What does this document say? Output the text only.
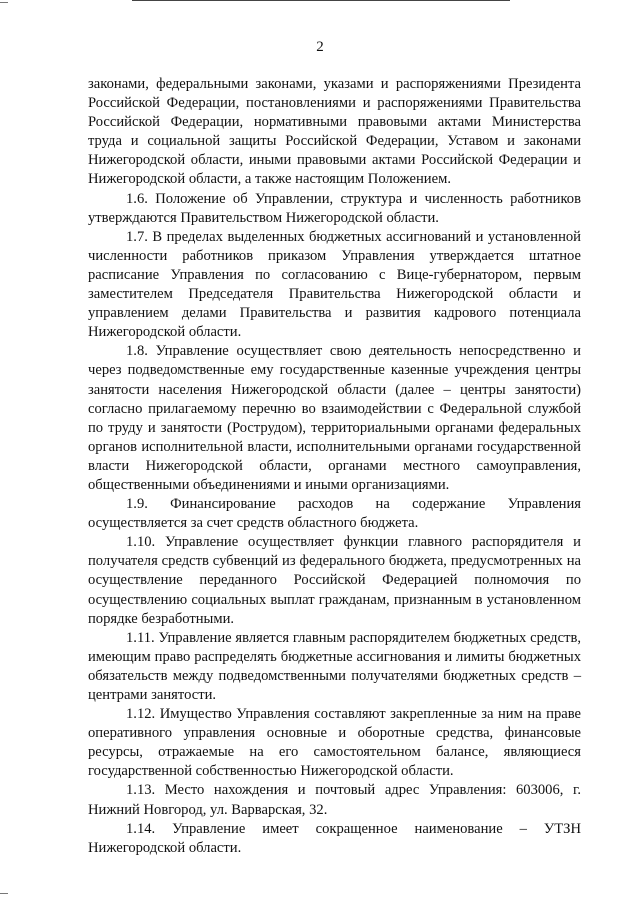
2

законами, федеральными законами, указами и распоряжениями Президента Российской Федерации, постановлениями и распоряжениями Правительства Российской Федерации, нормативными правовыми актами Министерства труда и социальной защиты Российской Федерации, Уставом и законами Нижегородской области, иными правовыми актами Российской Федерации и Нижегородской области, а также настоящим Положением.

1.6. Положение об Управлении, структура и численность работников утверждаются Правительством Нижегородской области.

1.7. В пределах выделенных бюджетных ассигнований и установленной численности работников приказом Управления утверждается штатное расписание Управления по согласованию с Вице-губернатором, первым заместителем Председателя Правительства Нижегородской области и управлением делами Правительства и развития кадрового потенциала Нижегородской области.

1.8. Управление осуществляет свою деятельность непосредственно и через подведомственные ему государственные казенные учреждения центры занятости населения Нижегородской области (далее – центры занятости) согласно прилагаемому перечню во взаимодействии с Федеральной службой по труду и занятости (Рострудом), территориальными органами федеральных органов исполнительной власти, исполнительными органами государственной власти Нижегородской области, органами местного самоуправления, общественными объединениями и иными организациями.

1.9. Финансирование расходов на содержание Управления осуществляется за счет средств областного бюджета.

1.10. Управление осуществляет функции главного распорядителя и получателя средств субвенций из федерального бюджета, предусмотренных на осуществление переданного Российской Федерацией полномочия по осуществлению социальных выплат гражданам, признанным в установленном порядке безработными.

1.11. Управление является главным распорядителем бюджетных средств, имеющим право распределять бюджетные ассигнования и лимиты бюджетных обязательств между подведомственными получателями бюджетных средств – центрами занятости.

1.12. Имущество Управления составляют закрепленные за ним на праве оперативного управления основные и оборотные средства, финансовые ресурсы, отражаемые на его самостоятельном балансе, являющиеся государственной собственностью Нижегородской области.

1.13. Место нахождения и почтовый адрес Управления: 603006, г. Нижний Новгород, ул. Варварская, 32.

1.14. Управление имеет сокращенное наименование – УТЗН Нижегородской области.
